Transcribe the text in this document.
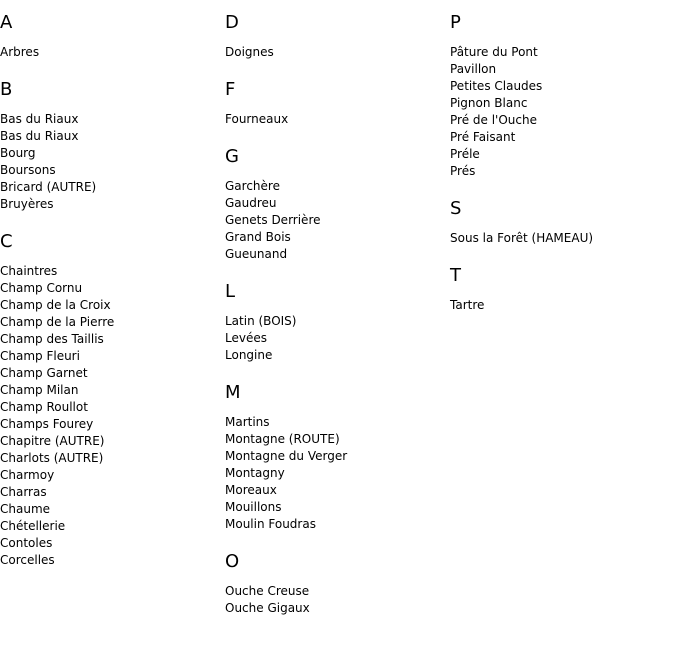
A
Arbres
B
Bas du Riaux
Bas du Riaux
Bourg
Boursons
Bricard (AUTRE)
Bruyères
C
Chaintres
Champ Cornu
Champ de la Croix
Champ de la Pierre
Champ des Taillis
Champ Fleuri
Champ Garnet
Champ Milan
Champ Roullot
Champs Fourey
Chapitre (AUTRE)
Charlots (AUTRE)
Charmoy
Charras
Chaume
Chétellerie
Contoles
Corcelles
D
Doignes
F
Fourneaux
G
Garchère
Gaudreu
Genets Derrière
Grand Bois
Gueunand
L
Latin (BOIS)
Levées
Longine
M
Martins
Montagne (ROUTE)
Montagne du Verger
Montagny
Moreaux
Mouillons
Moulin Foudras
O
Ouche Creuse
Ouche Gigaux
P
Pâture du Pont
Pavillon
Petites Claudes
Pignon Blanc
Pré de l'Ouche
Pré Faisant
Préle
Prés
S
Sous la Forêt (HAMEAU)
T
Tartre
